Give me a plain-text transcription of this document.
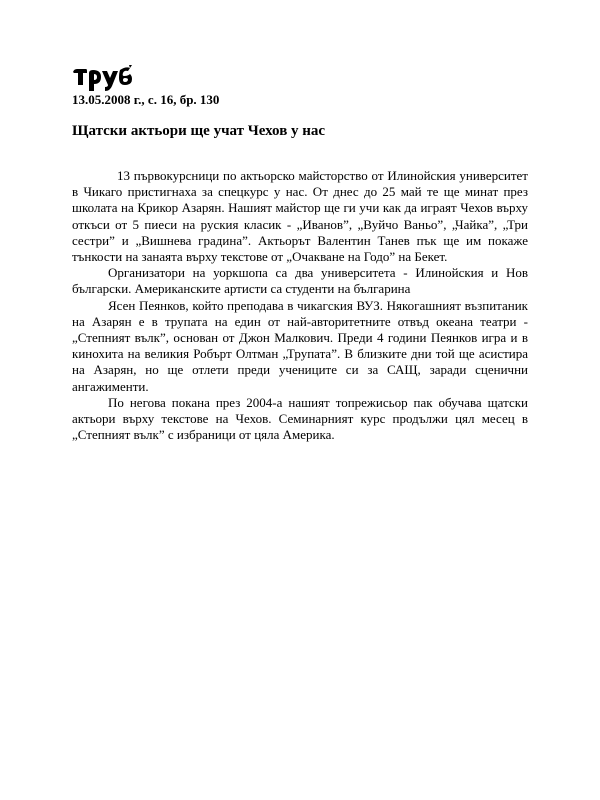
13.05.2008 г., с. 16, бр. 130

Щатски актьори ще учат Чехов у нас

13 първокурсници по актьорско майсторство от Илинойския университет в Чикаго пристигнаха за спецкурс у нас. От днес до 25 май те ще минат през школата на Крикор Азарян. Нашият майстор ще ги учи как да играят Чехов върху откъси от 5 пиеси на руския класик - „Иванов”, „Вуйчо Ваньо”, „Чайка”, „Три сестри” и „Вишнева градина”. Актьорът Валентин Танев пък ще им покаже тънкости на занаята върху текстове от „Очакване на Годо” на Бекет.

Организатори на уоркшопа са два университета - Илинойския и Нов български. Американските артисти са студенти на българина

Ясен Пеянков, който преподава в чикагския ВУЗ. Някогашният възпитаник на Азарян е в трупата на един от най-авторитетните отвъд океана театри - „Степният вълк”, основан от Джон Малкович. Преди 4 години Пеянков игра и в кинохита на великия Робърт Олтман „Трупата”. В близките дни той ще асистира на Азарян, но ще отлети преди учениците си за САЩ, заради сценични ангажименти.

По негова покана през 2004-а нашият топрежисьор пак обучава щатски актьори върху текстове на Чехов. Семинарният курс продължи цял месец в „Степният вълк” с избраници от цяла Америка.
